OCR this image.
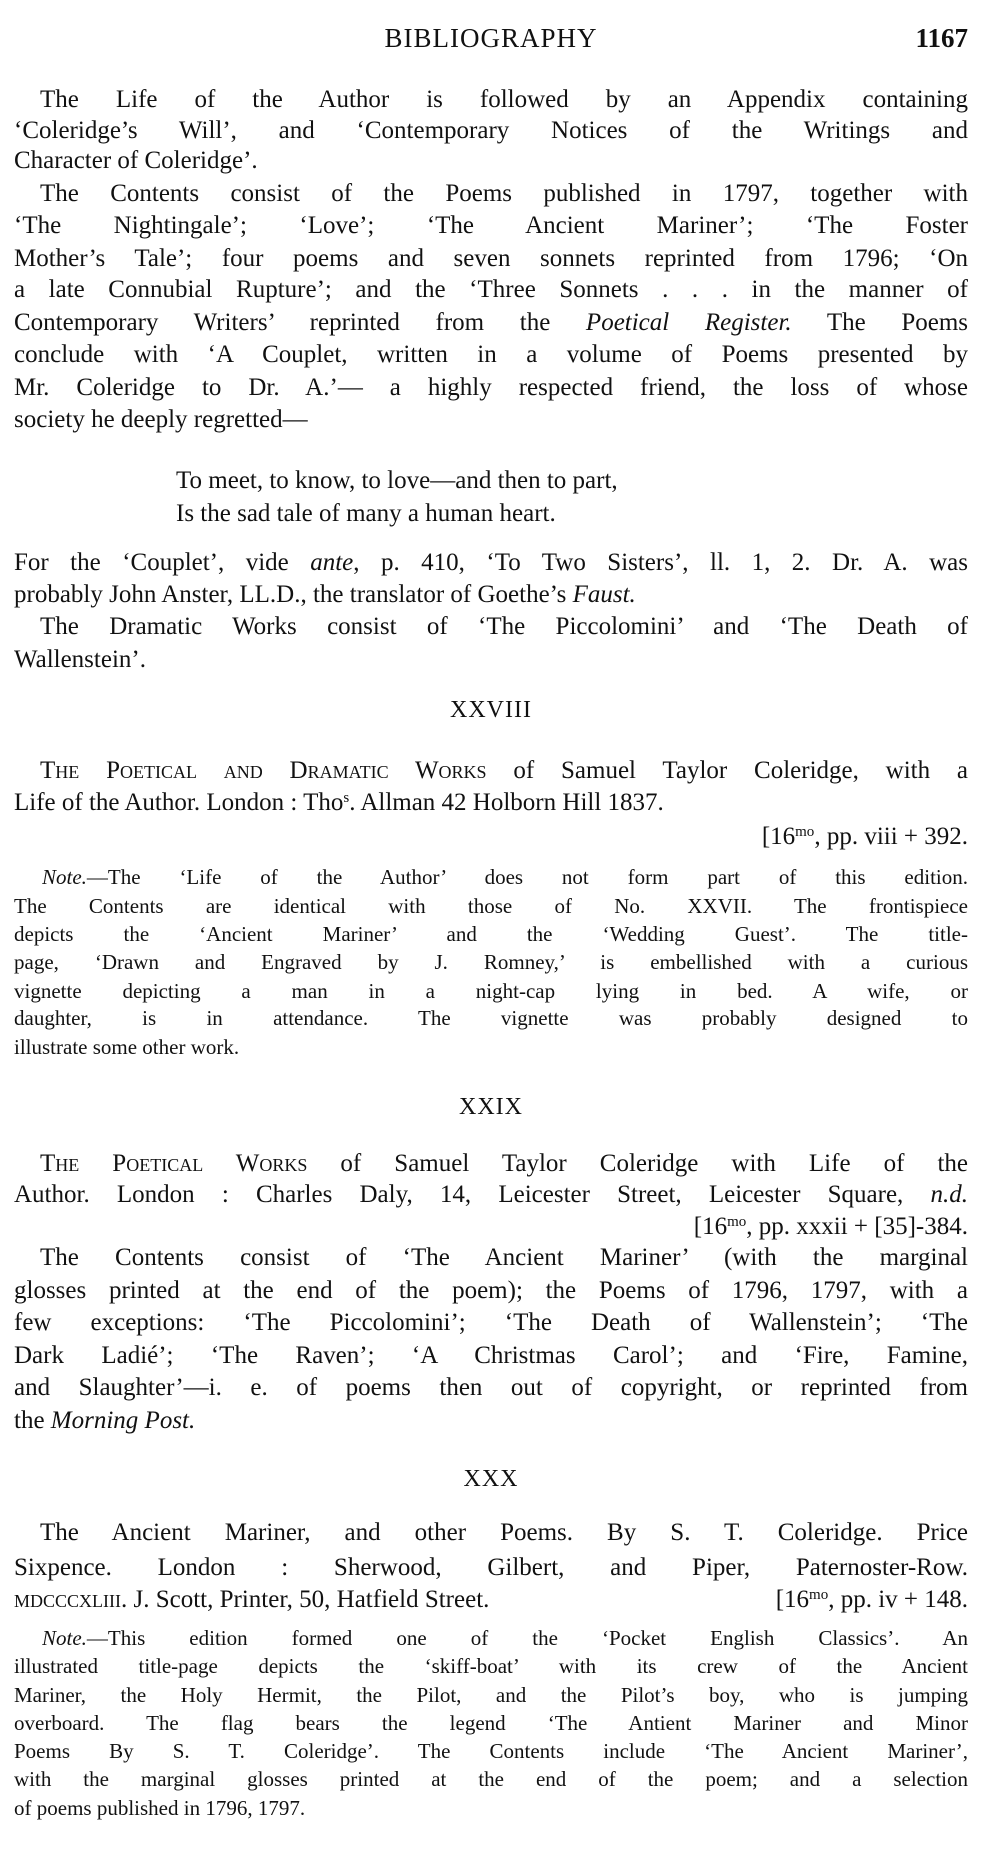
BIBLIOGRAPHY	1167
The Life of the Author is followed by an Appendix containing
‘Coleridge’s Will’, and ‘Contemporary Notices of the Writings and
Character of Coleridge’.
The Contents consist of the Poems published in 1797, together with
‘The Nightingale’; ‘Love’; ‘The Ancient Mariner’; ‘The Foster
Mother’s Tale’; four poems and seven sonnets reprinted from 1796; ‘On
a late Connubial Rupture’; and the ‘Three Sonnets . . . in the manner of
Contemporary Writers’ reprinted from the Poetical Register. The Poems
conclude with ‘A Couplet, written in a volume of Poems presented by
Mr. Coleridge to Dr. A.’— a highly respected friend, the loss of whose
society he deeply regretted—
To meet, to know, to love—and then to part,
Is the sad tale of many a human heart.
For the ‘Couplet’, vide ante, p. 410, ‘To Two Sisters’, ll. 1, 2. Dr. A. was
probably John Anster, LL.D., the translator of Goethe’s Faust.
The Dramatic Works consist of ‘The Piccolomini’ and ‘The Death of
Wallenstein’.
XXVIII
The Poetical and Dramatic Works of Samuel Taylor Coleridge, with a
Life of the Author. London : Tho$^s$. Allman 42 Holborn Hill 1837.
[$16^{mo}$, pp. viii + 392.
Note.—The ‘Life of the Author’ does not form part of this edition.
The Contents are identical with those of No. XXVII. The frontispiece
depicts the ‘Ancient Mariner’ and the ‘Wedding Guest’. The title-
page, ‘Drawn and Engraved by J. Romney,’ is embellished with a curious
vignette depicting a man in a night-cap lying in bed. A wife, or
daughter, is in attendance. The vignette was probably designed to
illustrate some other work.
XXIX
The Poetical Works of Samuel Taylor Coleridge with Life of the
Author. London : Charles Daly, 14, Leicester Street, Leicester Square, n.d.
[$16^{mo}$, pp. xxxii + [35]-384.
The Contents consist of ‘The Ancient Mariner’ (with the marginal
glosses printed at the end of the poem); the Poems of 1796, 1797, with a
few exceptions: ‘The Piccolomini’; ‘The Death of Wallenstein’; ‘The
Dark Ladié’; ‘The Raven’; ‘A Christmas Carol’; and ‘Fire, Famine,
and Slaughter’—i. e. of poems then out of copyright, or reprinted from
the Morning Post.
XXX
The Ancient Mariner, and other Poems. By S. T. Coleridge. Price
Sixpence. London : Sherwood, Gilbert, and Piper, Paternoster-Row.
mdcccxliii. J. Scott, Printer, 50, Hatfield Street.	[$16^{mo}$, pp. iv + 148.
Note.—This edition formed one of the ‘Pocket English Classics’. An
illustrated title-page depicts the ‘skiff-boat’ with its crew of the Ancient
Mariner, the Holy Hermit, the Pilot, and the Pilot’s boy, who is jumping
overboard. The flag bears the legend ‘The Antient Mariner and Minor
Poems By S. T. Coleridge’. The Contents include ‘The Ancient Mariner’,
with the marginal glosses printed at the end of the poem; and a selection
of poems published in 1796, 1797.
